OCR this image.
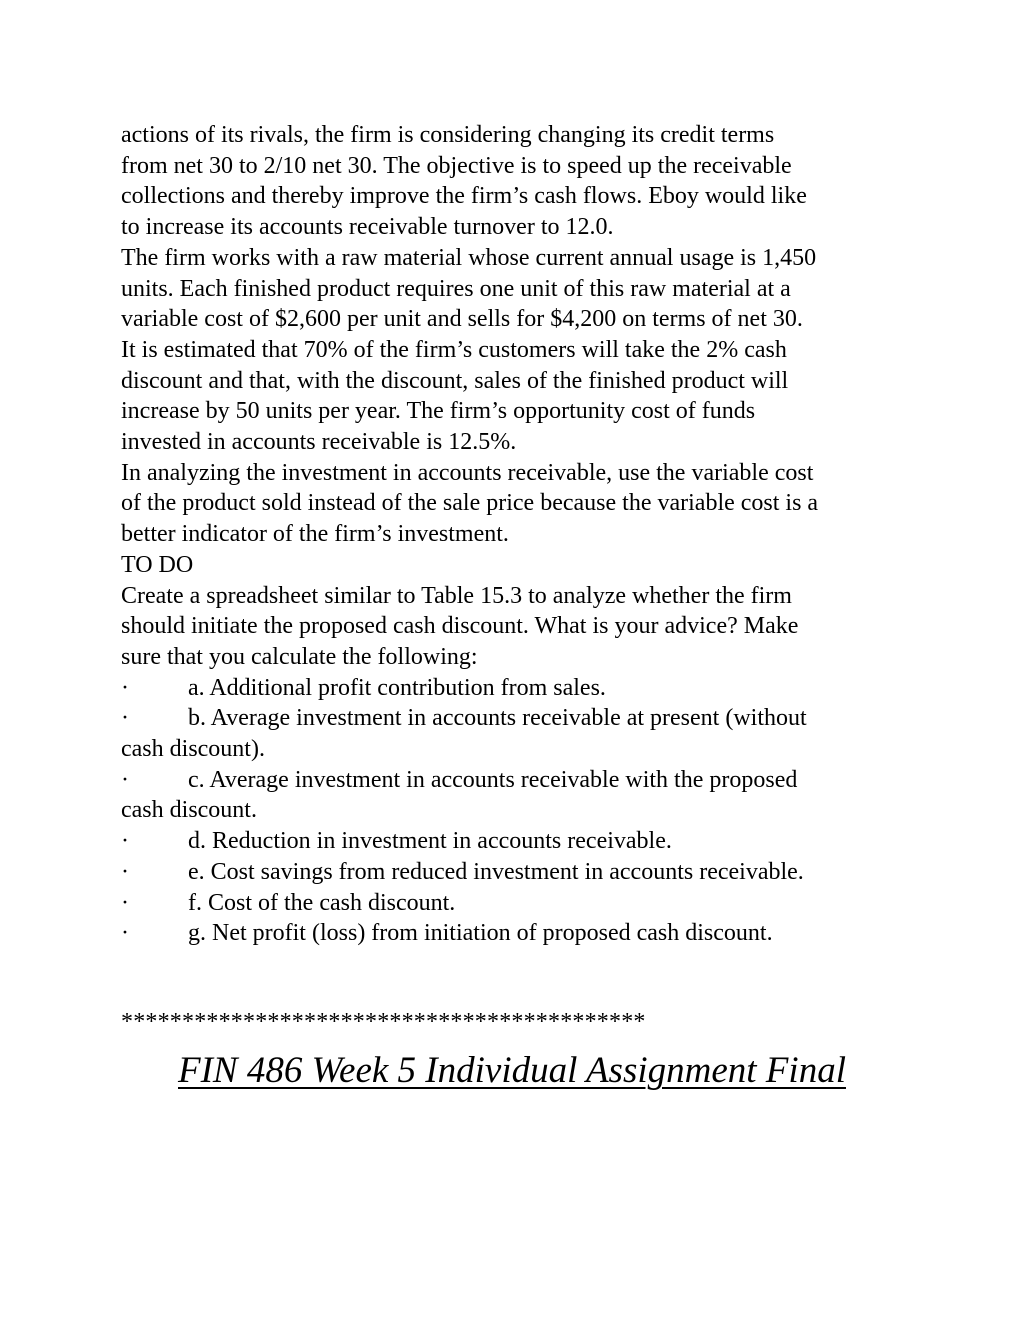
actions of its rivals, the firm is considering changing its credit terms
from net 30 to 2/10 net 30. The objective is to speed up the receivable
collections and thereby improve the firm’s cash flows. Eboy would like
to increase its accounts receivable turnover to 12.0.
The firm works with a raw material whose current annual usage is 1,450
units. Each finished product requires one unit of this raw material at a
variable cost of $2,600 per unit and sells for $4,200 on terms of net 30.
It is estimated that 70% of the firm’s customers will take the 2% cash
discount and that, with the discount, sales of the finished product will
increase by 50 units per year. The firm’s opportunity cost of funds
invested in accounts receivable is 12.5%.
In analyzing the investment in accounts receivable, use the variable cost
of the product sold instead of the sale price because the variable cost is a
better indicator of the firm’s investment.
TO DO
Create a spreadsheet similar to Table 15.3 to analyze whether the firm
should initiate the proposed cash discount. What is your advice? Make
sure that you calculate the following:
· a. Additional profit contribution from sales.
· b. Average investment in accounts receivable at present (without
cash discount).
· c. Average investment in accounts receivable with the proposed
cash discount.
· d. Reduction in investment in accounts receivable.
· e. Cost savings from reduced investment in accounts receivable.
· f. Cost of the cash discount.
· g. Net profit (loss) from initiation of proposed cash discount.
*******************************************
FIN 486 Week 5 Individual Assignment Final
